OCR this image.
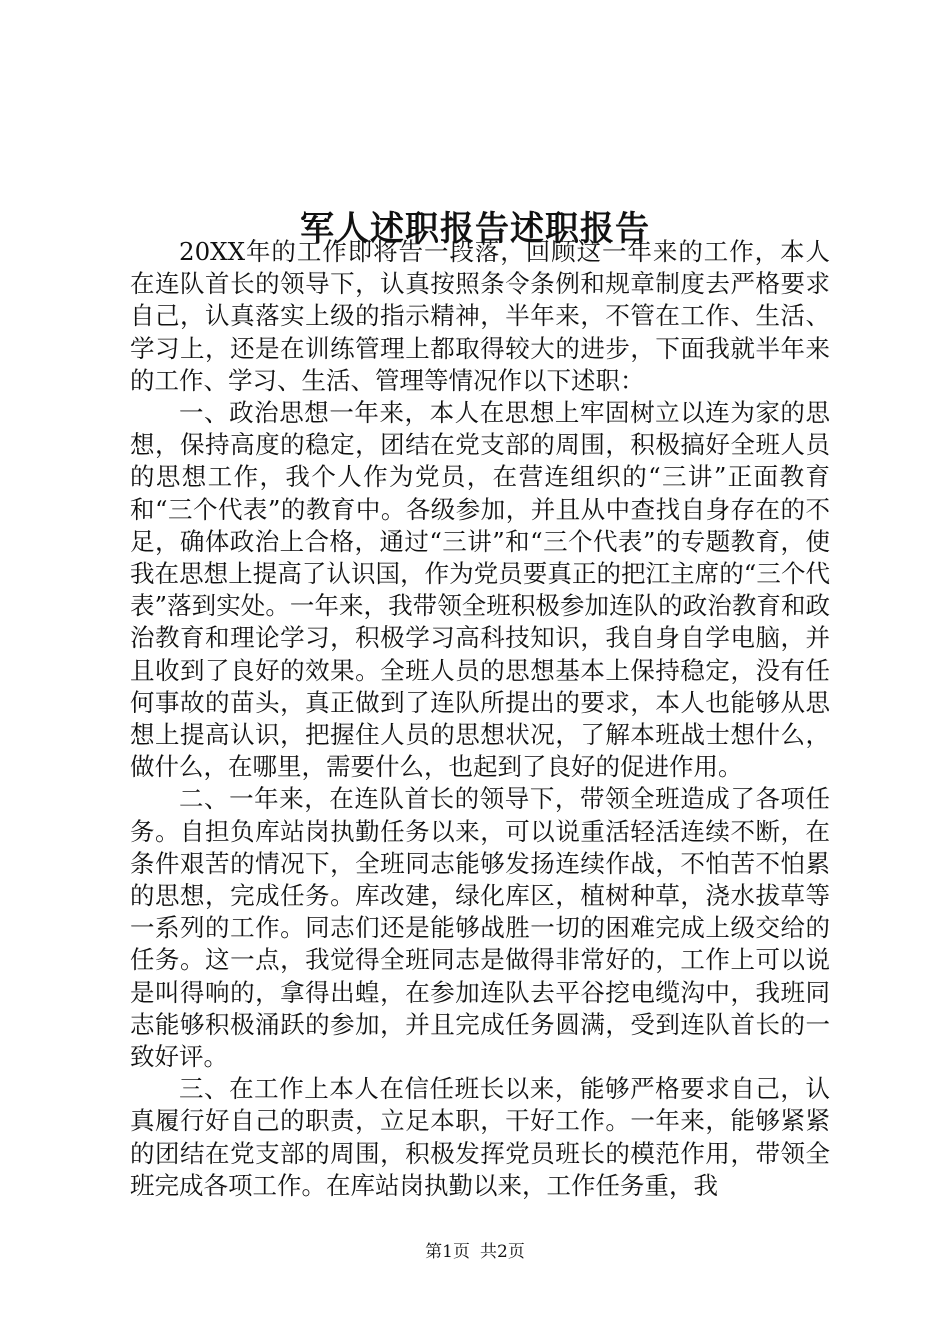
军人述职报告述职报告

20XX年的工作即将告一段落，回顾这一年来的工作，本人在连队首长的领导下，认真按照条令条例和规章制度去严格要求自己，认真落实上级的指示精神，半年来，不管在工作、生活、学习上，还是在训练管理上都取得较大的进步，下面我就半年来的工作、学习、生活、管理等情况作以下述职：

一、政治思想一年来，本人在思想上牢固树立以连为家的思想，保持高度的稳定，团结在党支部的周围，积极搞好全班人员的思想工作，我个人作为党员，在营连组织的“三讲”正面教育和“三个代表”的教育中。各级参加，并且从中查找自身存在的不足，确体政治上合格，通过“三讲”和“三个代表”的专题教育，使我在思想上提高了认识国，作为党员要真正的把江主席的“三个代表”落到实处。一年来，我带领全班积极参加连队的政治教育和政治教育和理论学习，积极学习高科技知识，我自身自学电脑，并且收到了良好的效果。全班人员的思想基本上保持稳定，没有任何事故的苗头，真正做到了连队所提出的要求，本人也能够从思想上提高认识，把握住人员的思想状况，了解本班战士想什么，做什么，在哪里，需要什么，也起到了良好的促进作用。

二、一年来，在连队首长的领导下，带领全班造成了各项任务。自担负库站岗执勤任务以来，可以说重活轻活连续不断，在条件艰苦的情况下，全班同志能够发扬连续作战，不怕苦不怕累的思想，完成任务。库改建，绿化库区，植树种草，浇水拔草等一系列的工作。同志们还是能够战胜一切的困难完成上级交给的任务。这一点，我觉得全班同志是做得非常好的，工作上可以说是叫得响的，拿得出蝗，在参加连队去平谷挖电缆沟中，我班同志能够积极涌跃的参加，并且完成任务圆满，受到连队首长的一致好评。

三、在工作上本人在信任班长以来，能够严格要求自己，认真履行好自己的职责，立足本职，干好工作。一年来，能够紧紧的团结在党支部的周围，积极发挥党员班长的模范作用，带领全班完成各项工作。在库站岗执勤以来，工作任务重，我

第1页 共2页
